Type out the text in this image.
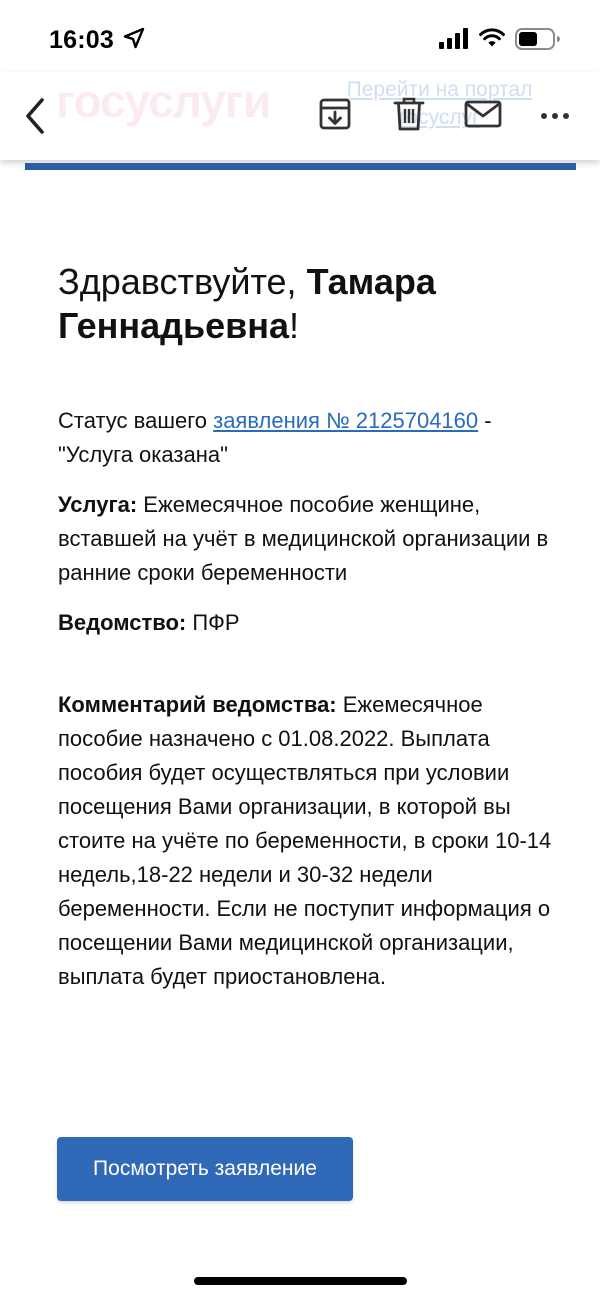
16:03
госуслуги	Перейти на портал госуслуг
Здравствуйте, Тамара Геннадьевна!
Статус вашего заявления № 2125704160 - "Услуга оказана"
Услуга: Ежемесячное пособие женщине, вставшей на учёт в медицинской организации в ранние сроки беременности
Ведомство: ПФР
Комментарий ведомства: Ежемесячное пособие назначено с 01.08.2022. Выплата пособия будет осуществляться при условии посещения Вами организации, в которой вы стоите на учёте по беременности, в сроки 10-14 недель,18-22 недели и 30-32 недели беременности. Если не поступит информация о посещении Вами медицинской организации, выплата будет приостановлена.
Посмотреть заявление
